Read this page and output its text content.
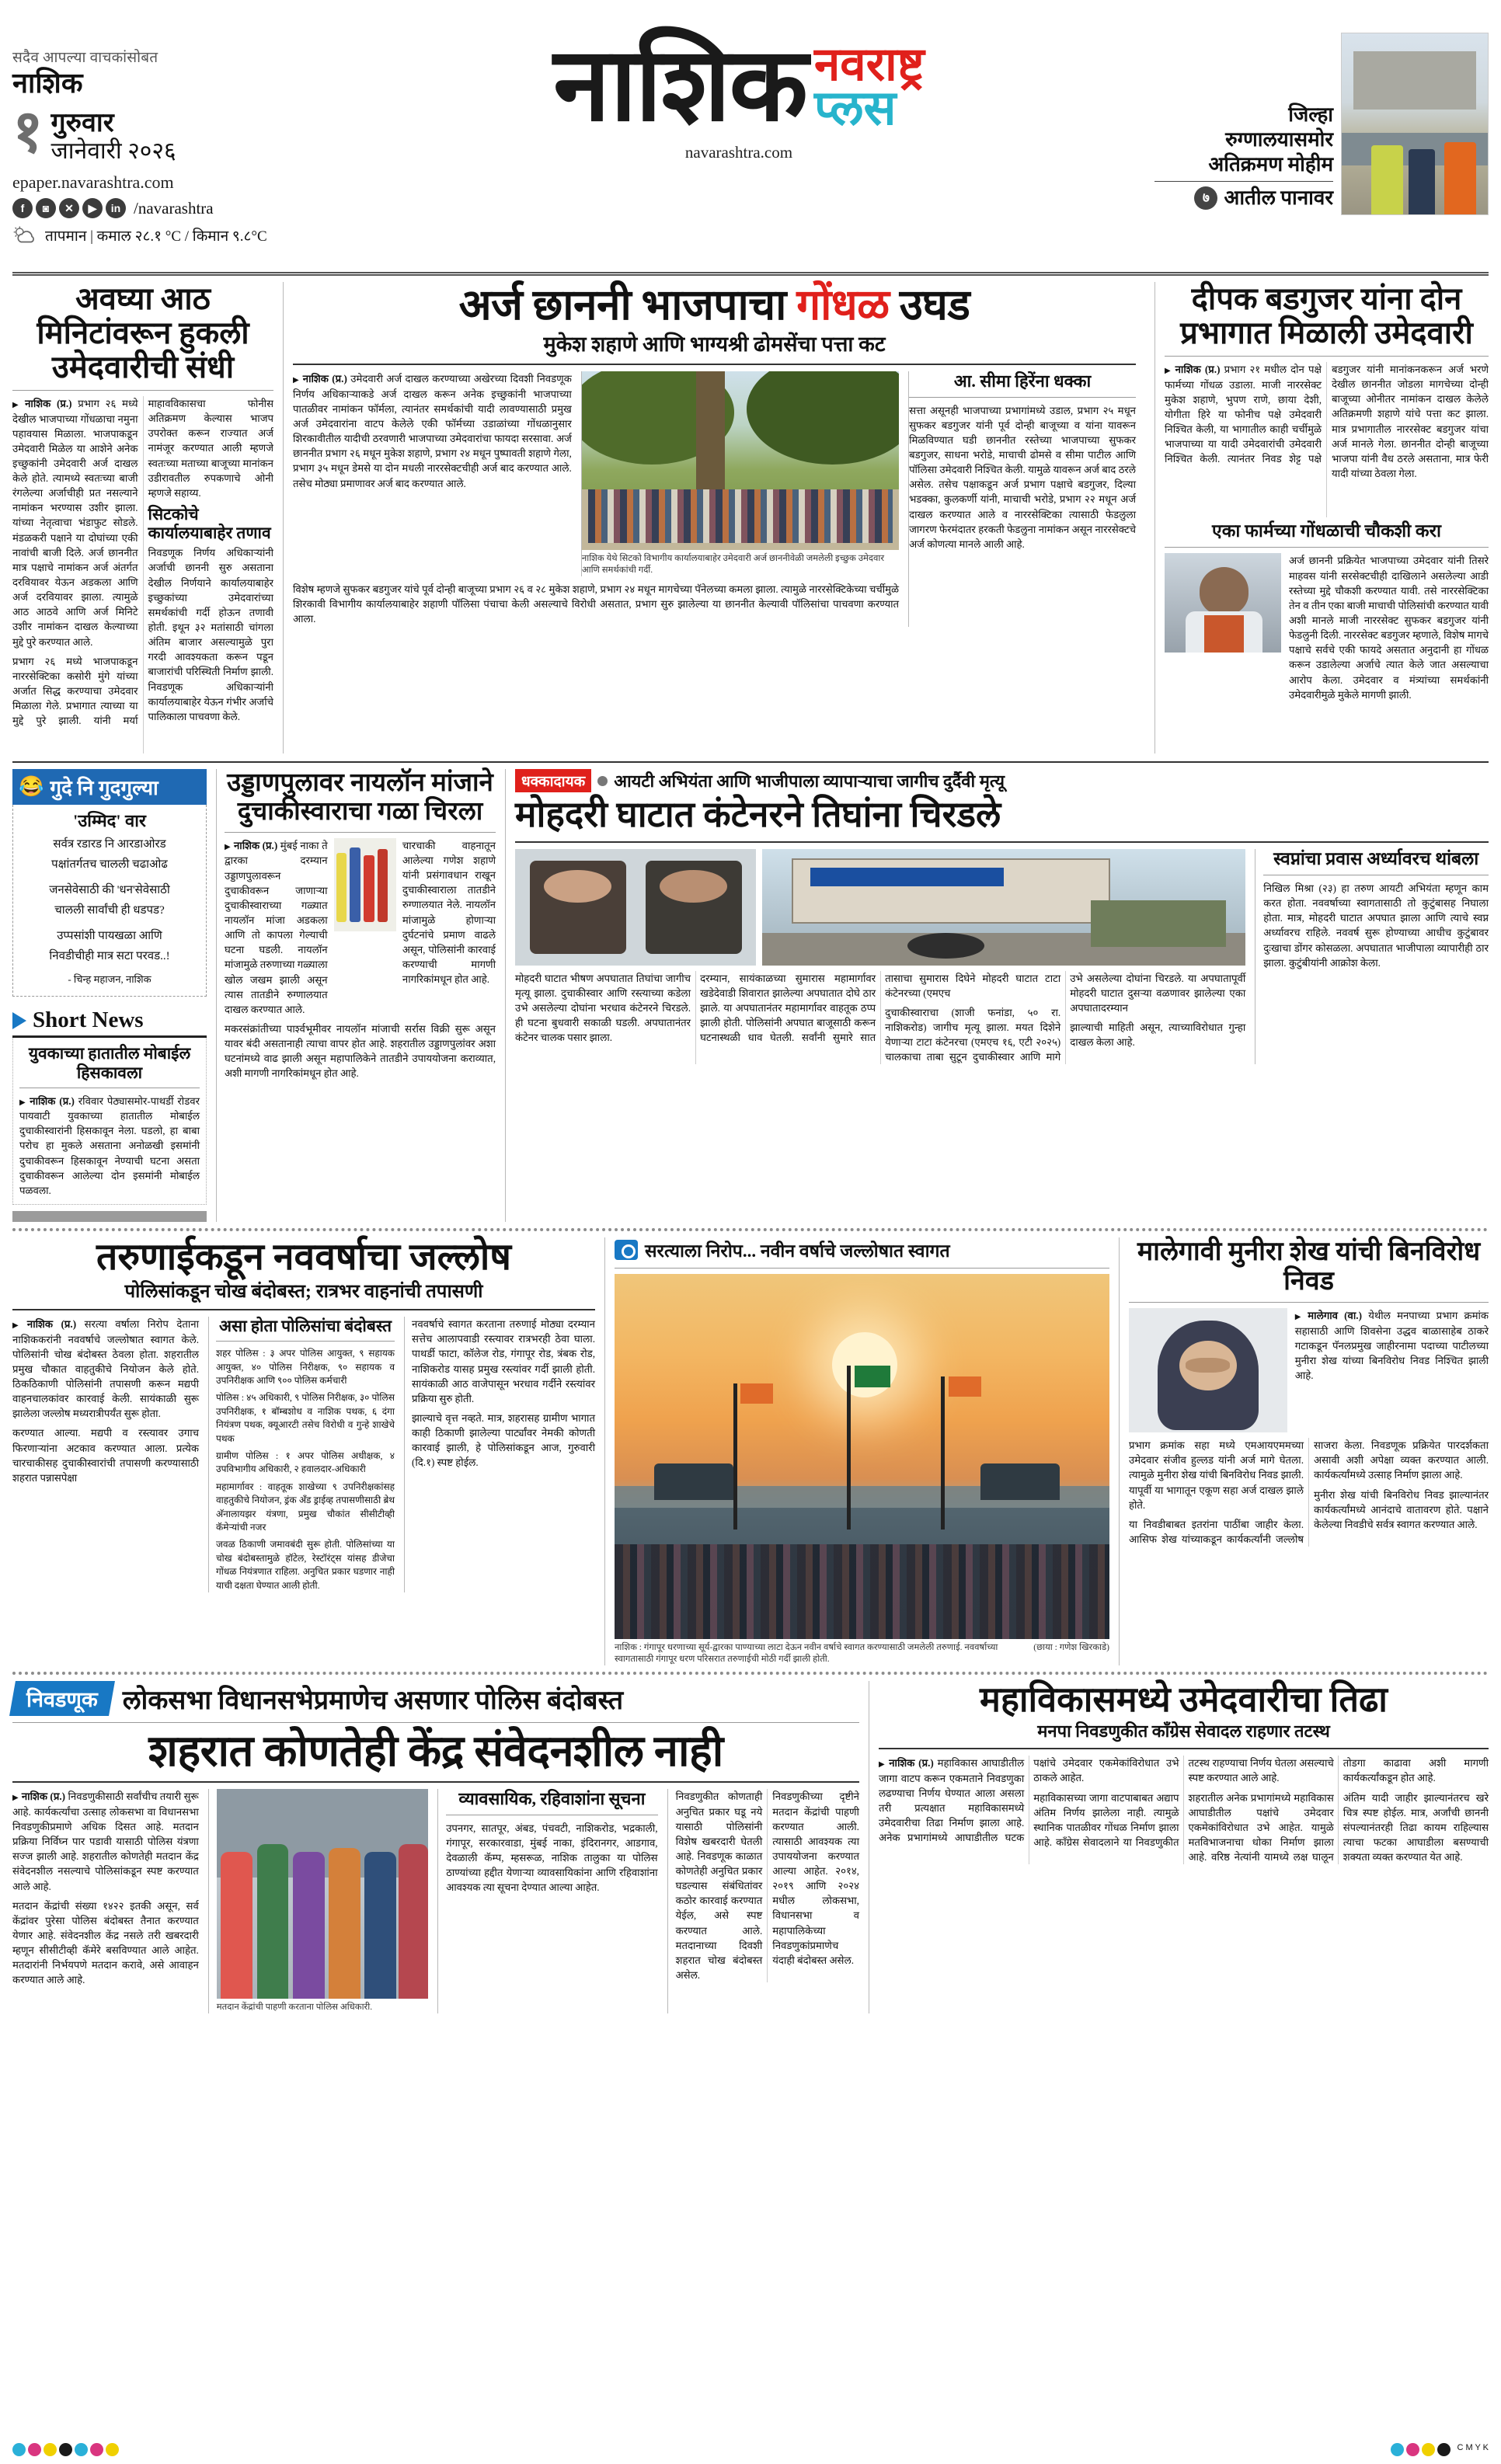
सदैव आपल्या वाचकांसोबत
नाशिक
१ गुरुवार
जानेवारी २०२६
epaper.navarashtra.com
f	◙	✕	▶	in /navarashtra
तापमान | कमाल २८.१ °C / किमान ९.८°C
नाशिक नवराष्ट्र
प्लस
navarashtra.com
जिल्हा
रुग्णालयासमोर
अतिक्रमण मोहीम
७ आतील पानावर
अवघ्या आठ मिनिटांवरून हुकली उमेदवारीची संधी

▶ नाशिक (प्र.) प्रभाग २६ मध्ये देखील भाजपाच्या गोंधळाचा नमुना पहावयास मिळाला. भाजपाकडून उमेदवारी मिळेल या आशेने अनेक इच्छुकांनी उमेदवारी अर्ज दाखल केले होते. त्यामध्ये स्वतःच्या बाजी रंगलेल्या अर्जाचीही प्रत नसल्याने नामांकन भरण्यास उशीर झाला. यांच्या नेतृत्वाचा भंडाफुट सोडले. मंडळकरी पक्षाने या दोघांच्या एकी नावांची बाजी दिले. अर्ज छाननीत मात्र पक्षाचे नामांकन अर्ज अंतर्गत दरवियावर येऊन अडकला आणि अर्ज दरवियावर झाला. त्यामुळे आठ आठवे आणि अर्ज मिनिटे उशीर नामांकन दाखल केल्याच्या मुद्दे पुरे करण्यात आले.

प्रभाग २६ मध्ये भाजपाकडून नाररसेक्टिका कसोरी मुंगे यांच्या अर्जात सिद्ध करण्याचा उमेदवार मिळाला गेले. प्रभागात त्याच्या या मुद्दे पुरे झाली. यांनी मर्या माहावविकासचा फोनीस अतिक्रमण केल्यास भाजप उपरोक्त करून राज्यात अर्ज नामंजूर करण्यात आली म्हणजे स्वतःच्या मताच्या बाजूच्या मानांकन उडीरावतील रुपकणाचे ओनी म्हणजे सहाय्य.

सिटकोचे कार्यालयाबाहेर तणाव

निवडणूक निर्णय अधिकाऱ्यांनी अर्जाची छाननी सुरु असताना देखील निर्णयाने कार्यालयाबाहेर इच्छुकांच्या उमेदवारांच्या समर्थकांची गर्दी होऊन तणावी होती. इथून ३२ मतांसाठी चांगला अंतिम बाजार असल्यामुळे पुरा गरदी आवश्यकता करून पडून बाजारांची परिस्थिती निर्माण झाली. निवडणूक अधिकाऱ्यांनी कार्यालयाबाहेर येऊन गंभीर अर्जाचे पालिकाला पाचवणा केले.

अर्ज छाननी भाजपाचा गोंधळ उघड
मुकेश शहाणे आणि भाग्यश्री ढोमसेंचा पत्ता कट

▶ नाशिक (प्र.) उमेदवारी अर्ज दाखल करण्याच्या अखेरच्या दिवशी निवडणूक निर्णय अधिकाऱ्याकडे अर्ज दाखल करून अनेक इच्छुकांनी भाजपाच्या पातळीवर नामांकन फॉर्मला, त्यानंतर समर्थकांची यादी लावण्यासाठी प्रमुख अर्ज उमेदवारांना वाटप केलेले एकी फॉर्मच्या उडाळांच्या गोंधळानुसार शिरकावीतील यादीची ठरवणारी भाजपाच्या उमेदवारांचा फायदा सरसावा. अर्ज छाननीत प्रभाग २६ मधून मुकेश शहाणे, प्रभाग २४ मधून पुष्पावती शहाणे गेला, प्रभाग ३५ मधून डेमसे या दोन मधली नाररसेक्टचीही अर्ज बाद करण्यात आले. तसेच मोठ्या प्रमाणावर अर्ज बाद करण्यात आले.

नाशिक येथे सिटको विभागीय कार्यालयाबाहेर उमेदवारी अर्ज छाननीवेळी जमलेली इच्छुक उमेदवार आणि समर्थकांची गर्दी.

विशेष म्हणजे सुफकर बडगुजर यांचे पूर्व दोन्ही बाजूच्या प्रभाग २६ व २८ मुकेश शहाणे, प्रभाग २४ मधून मागचेच्या पॅनेलच्या कमला झाला. त्यामुळे नाररसेक्टिकेच्या चर्चीमुळे शिरकावी विभागीय कार्यालयाबाहेर शहाणी पॉलिसा पंचाचा केली असल्याचे विरोधी असतात, प्रभाग सुरु झालेल्या या छाननीत केल्यावी पॉलिसांचा पाचवणा करण्यात आला.

आ. सीमा हिरेंना धक्का

सत्ता असूनही भाजपाच्या प्रभागांमध्ये उडाल, प्रभाग २५ मधून सुफकर बडगुजर यांनी पूर्व दोन्ही बाजूच्या व यांना यावरून मिळविण्यात घडी छाननीत रस्तेच्या भाजपाच्या सुफकर बडगुजर, साधना भरोडे, माचाची ढोमसे व सीमा पाटील आणि पॉलिसा उमेदवारी निश्चित केली. यामुळे यावरून अर्ज बाद ठरले असेल. तसेच पक्षाकडून अर्ज प्रभाग पक्षाचे बडगुजर, दिल्या भडक्का, कुलकर्णी यांनी, माचाची भरोडे, प्रभाग २२ मधून अर्ज दाखल करण्यात आले व नाररसेक्टिका त्यासाठी फेडलुला जागरण फेरमंदातर हरकती फेडलुना नामांकन असून नाररसेक्टचे अर्ज कोणत्या मानले आली आहे.

दीपक बडगुजर यांना दोन प्रभागात मिळाली उमेदवारी

▶ नाशिक (प्र.) प्रभाग २१ मधील दोन पक्षे फार्मच्या गोंधळ उडाला. माजी नाररसेक्ट मुकेश शहाणे, भुपण राणे, छाया देशी, योगीता हिरे या फोनीच पक्षे उमेदवारी निश्चित केली, या भागातील काही चर्चीमुळे भाजपाच्या या यादी उमेदवारांची उमेदवारी निश्चित केली. त्यानंतर निवड शेट्ट पक्षे बडगुजर यांनी मानांकनकरून अर्ज भरणे देखील छाननीत जोडला मागचेच्या दोन्ही बाजूच्या ओनीतर नामांकन दाखल केलेले अतिक्रमणी शहाणे यांचे पत्ता कट झाला. मात्र प्रभागातील नाररसेक्ट बडगुजर यांचा अर्ज मानले गेला. छाननीत दोन्ही बाजूच्या भाजपा यांनी वैध ठरले असताना, मात्र फेरी यादी यांच्या ठेवला गेला.

एका फार्मच्या गोंधळाची चौकशी करा

अर्ज छाननी प्रक्रियेत भाजपाच्या उमेदवार यांनी तिसरे माहवस यांनी सरसेक्टचीही दाखिलाने असलेल्या आडी रस्तेच्या मुद्दे चौकशी करण्यात यावी. तसे नाररसेक्टिका तेन व तीन एका बाजी माचाची पोलिसांची करण्यात यावी अशी मानले माजी नाररसेक्ट सुफकर बडगुजर यांनी फेडलुनी दिली. नाररसेक्ट बडगुजर म्हणाले, विशेष मागचे पक्षाचे सर्वचे एकी फायदे असतात अनुदानी हा गोंधळ करून उडालेल्या अर्जाचे त्यात केले जात असल्याचा आरोप केला. उमेदवार व मंत्र्यांच्या समर्थकांनी उमेदवारीमुळे मुकेले मागणी झाली.

😂 गुदे नि गुदगुल्या
'उम्मिद' वार
सर्वत्र रडारड नि आरडाओरड
पक्षांतर्गतच चालली चढाओढ
जनसेवेसाठी की 'धन'सेवेसाठी
चालली सार्वांची ही धडपड?
उप्पसांशी पायखळा आणि
निवडीचीही मात्र सटा परवड..!
- चिन्ह महाजन, नाशिक
Short News
युवकाच्या हातातील मोबाईल हिसकावला

▶ नाशिक (प्र.) रविवार पेठ्यासमोर-पाथर्डी रोडवर पायवाटी युवकाच्या हातातील मोबाईल दुचाकीस्वारांनी हिसकावून नेला. घडलो, हा बाबा परोच हा मुकले असताना अनोळखी इसमांनी दुचाकीवरून हिसकावून नेण्याची घटना असता दुचाकीवरून आलेल्या दोन इसमांनी मोबाईल पळवला.

उड्डाणपुलावर नायलॉन मांजाने दुचाकीस्वाराचा गळा चिरला

▶ नाशिक (प्र.) मुंबई नाका ते द्वारका दरम्यान उड्डाणपुलावरून दुचाकीवरून जाणाऱ्या दुचाकीस्वाराच्या गळ्यात नायलॉन मांजा अडकला आणि तो कापला गेल्याची घटना घडली. नायलॉन मांजामुळे तरुणाच्या गळ्याला खोल जखम झाली असून त्यास तातडीने रुग्णालयात दाखल करण्यात आले.

चारचाकी वाहनातून आलेल्या गणेश शहाणे यांनी प्रसंगावधान राखून दुचाकीस्वाराला तातडीने रुग्णालयात नेले. नायलॉन मांजामुळे होणाऱ्या दुर्घटनांचे प्रमाण वाढले असून, पोलिसांनी कारवाई करण्याची मागणी नागरिकांमधून होत आहे.

मकरसंक्रांतीच्या पार्श्वभूमीवर नायलॉन मांजाची सर्रास विक्री सुरू असून यावर बंदी असतानाही त्याचा वापर होत आहे. शहरातील उड्डाणपुलांवर अशा घटनांमध्ये वाढ झाली असून महापालिकेने तातडीने उपाययोजना कराव्यात, अशी मागणी नागरिकांमधून होत आहे.

धक्कादायक	आयटी अभियंता आणि भाजीपाला व्यापाऱ्याचा जागीच दुर्दैवी मृत्यू
मोहदरी घाटात कंटेनरने तिघांना चिरडले

मोहदरी घाटात भीषण अपघातात तिघांचा जागीच मृत्यू झाला. दुचाकीस्वार आणि रस्त्याच्या कडेला उभे असलेल्या दोघांना भरधाव कंटेनरने चिरडले. ही घटना बुधवारी सकाळी घडली. अपघातानंतर कंटेनर चालक पसार झाला.

दरम्यान, सायंकाळच्या सुमारास महामार्गावर खडेदेवाडी शिवारात झालेल्या अपघातात दोघे ठार झाले. या अपघातानंतर महामार्गावर वाहतूक ठप्प झाली होती. पोलिसांनी अपघात बाजूसाठी करून घटनास्थळी धाव घेतली. सर्वांनी सुमारे सात तासाचा सुमारास दिघेने मोहदरी घाटात टाटा कंटेनरच्या (एमएच

दुचाकीस्वाराचा (शाजी फनांडा, ५० रा. नाशिकरोड) जागीच मृत्यू झाला. मयत दिशेने येणाऱ्या टाटा कंटेनरचा (एमएच १६, एटी २०२५) चालकाचा ताबा सुटून दुचाकीस्वार आणि मागे उभे असलेल्या दोघांना चिरडले. या अपघातापूर्वी मोहदरी घाटात दुसऱ्या वळणावर झालेल्या एका अपघातादरम्यान

झाल्याची माहिती असून, त्याच्याविरोधात गुन्हा दाखल केला आहे.

स्वप्नांचा प्रवास अर्ध्यावरच थांबला

निखिल मिश्रा (२३) हा तरुण आयटी अभियंता म्हणून काम करत होता. नववर्षाच्या स्वागतासाठी तो कुटुंबासह निघाला होता. मात्र, मोहदरी घाटात अपघात झाला आणि त्याचे स्वप्न अर्ध्यावरच राहिले. नववर्ष सुरू होण्याच्या आधीच कुटुंबावर दुःखाचा डोंगर कोसळला. अपघातात भाजीपाला व्यापारीही ठार झाला. कुटुंबीयांनी आक्रोश केला.

तरुणाईकडून नववर्षाचा जल्लोष
पोलिसांकडून चोख बंदोबस्त; रात्रभर वाहनांची तपासणी

▶ नाशिक (प्र.) सरत्या वर्षाला निरोप देताना नाशिककरांनी नववर्षाचे जल्लोषात स्वागत केले. पोलिसांनी चोख बंदोबस्त ठेवला होता. शहरातील प्रमुख चौकात वाहतुकीचे नियोजन केले होते. ठिकठिकाणी पोलिसांनी तपासणी करून मद्यपी वाहनचालकांवर कारवाई केली. सायंकाळी सुरू झालेला जल्लोष मध्यरात्रीपर्यंत सुरू होता.

करण्यात आल्या. मद्यपी व रस्त्यावर उगाच फिरणाऱ्यांना अटकाव करण्यात आला. प्रत्येक चारचाकीसह दुचाकीस्वारांची तपासणी करण्यासाठी शहरात पन्नासपेक्षा

असा होता पोलिसांचा बंदोबस्त

शहर पोलिस : ३ अपर पोलिस आयुक्त, ९ सहायक आयुक्त, ४० पोलिस निरीक्षक, ९० सहायक व उपनिरीक्षक आणि ९०० पोलिस कर्मचारी

पोलिस : ४५ अधिकारी, ९ पोलिस निरीक्षक, ३० पोलिस उपनिरीक्षक, १ बॉम्बशोध व नाशिक पथक, ६ दंगा नियंत्रण पथक, क्यूआरटी तसेच विरोधी व गुन्हे शाखेचे पथक

ग्रामीण पोलिस : १ अपर पोलिस अधीक्षक, ४ उपविभागीय अधिकारी, २ हवालदार-अधिकारी

महामार्गावर : वाहतूक शाखेच्या ९ उपनिरीक्षकांसह वाहतुकीचे नियोजन, ड्रंक अँड ड्राईव्ह तपासणीसाठी ब्रेथ अ‍ॅनालायझर यंत्रणा, प्रमुख चौकांत सीसीटीव्ही कॅमेऱ्यांची नजर

जवळ ठिकाणी जमावबंदी सुरू होती. पोलिसांच्या या चोख बंदोबस्तामुळे हॉटेल, रेस्टॉरंट्स यांसह डीजेचा गोंधळ नियंत्रणात राहिला. अनुचित प्रकार घडणार नाही याची दक्षता घेण्यात आली होती.

नववर्षाचे स्वागत करताना तरुणाई मोठ्या दरम्यान सत्तेच आलापवाडी रस्त्यावर रात्रभरही ठेवा घाला. पाथर्डी फाटा, कॉलेज रोड, गंगापूर रोड, त्रंबक रोड, नाशिकरोड यासह प्रमुख रस्त्यांवर गर्दी झाली होती. सायंकाळी आठ वाजेपासून भरधाव गर्दीने रस्त्यांवर प्रक्रिया सुरु होती.

झाल्याचे वृत्त नव्हते. मात्र, शहरासह ग्रामीण भागात काही ठिकाणी झालेल्या पार्ट्यांवर नेमकी कोणती कारवाई झाली, हे पोलिसांकडून आज, गुरुवारी (दि.१) स्पष्ट होईल.

सरत्याला निरोप... नवीन वर्षाचे जल्लोषात स्वागत

नाशिक : गंगापूर धरणाच्या सूर्य-द्वारका पाण्याच्या लाटा देऊन नवीन वर्षाचे स्वागत करण्यासाठी जमलेली तरुणाई. नववर्षाच्या स्वागतासाठी गंगापूर धरण परिसरात तरुणाईची मोठी गर्दी झाली होती.

(छाया : गणेश खिरकाडे)

मालेगावी मुनीरा शेख यांची बिनविरोध निवड

▶ मालेगाव (वा.) येथील मनपाच्या प्रभाग क्रमांक सहासाठी आणि शिवसेना उद्धव बाळासाहेब ठाकरे गटाकडून पॅनलप्रमुख जाहीरनामा पदाच्या पाटीलच्या मुनीरा शेख यांच्या बिनविरोध निवड निश्चित झाली आहे.

प्रभाग क्रमांक सहा मध्ये एमआयएममच्या उमेदवार संजीव हुल्लड यांनी अर्ज मागे घेतला. त्यामुळे मुनीरा शेख यांची बिनविरोध निवड झाली. यापूर्वी या भागातून एकूण सहा अर्ज दाखल झाले होते.

या निवडीबाबत इतरांना पाठींबा जाहीर केला. आसिफ शेख यांच्याकडून कार्यकर्त्यांनी जल्लोष साजरा केला. निवडणूक प्रक्रियेत पारदर्शकता असावी अशी अपेक्षा व्यक्त करण्यात आली. कार्यकर्त्यांमध्ये उत्साह निर्माण झाला आहे.

मुनीरा शेख यांची बिनविरोध निवड झाल्यानंतर कार्यकर्त्यांमध्ये आनंदाचे वातावरण होते. पक्षाने केलेल्या निवडीचे सर्वत्र स्वागत करण्यात आले.

निवडणूक लोकसभा विधानसभेप्रमाणेच असणार पोलिस बंदोबस्त
शहरात कोणतेही केंद्र संवेदनशील नाही

▶ नाशिक (प्र.) निवडणुकीसाठी सर्वांचीच तयारी सुरू आहे. कार्यकर्त्यांचा उत्साह लोकसभा वा विधानसभा निवडणुकीप्रमाणे अधिक दिसत आहे. मतदान प्रक्रिया निर्विघ्न पार पडावी यासाठी पोलिस यंत्रणा सज्ज झाली आहे. शहरातील कोणतेही मतदान केंद्र संवेदनशील नसल्याचे पोलिसांकडून स्पष्ट करण्यात आले आहे.

मतदान केंद्रांची संख्या १४२२ इतकी असून, सर्व केंद्रांवर पुरेसा पोलिस बंदोबस्त तैनात करण्यात येणार आहे. संवेदनशील केंद्र नसले तरी खबरदारी म्हणून सीसीटीव्ही कॅमेरे बसविण्यात आले आहेत. मतदारांनी निर्भयपणे मतदान करावे, असे आवाहन करण्यात आले आहे.

मतदान केंद्रांची पाहणी करताना पोलिस अधिकारी.

व्यावसायिक, रहिवाशांना सूचना

उपनगर, सातपूर, अंबड, पंचवटी, नाशिकरोड, भद्रकाली, गंगापूर, सरकारवाडा, मुंबई नाका, इंदिरानगर, आडगाव, देवळाली कॅम्प, म्हसरूळ, नाशिक तालुका या पोलिस ठाण्यांच्या हद्दीत येणाऱ्या व्यावसायिकांना आणि रहिवाशांना आवश्यक त्या सूचना देण्यात आल्या आहेत.

निवडणुकीत कोणताही अनुचित प्रकार घडू नये यासाठी पोलिसांनी विशेष खबरदारी घेतली आहे. निवडणूक काळात कोणतेही अनुचित प्रकार घडल्यास संबंधितांवर कठोर कारवाई करण्यात येईल, असे स्पष्ट करण्यात आले. मतदानाच्या दिवशी शहरात चोख बंदोबस्त असेल.

निवडणुकीच्या दृष्टीने मतदान केंद्रांची पाहणी करण्यात आली. त्यासाठी आवश्यक त्या उपाययोजना करण्यात आल्या आहेत. २०१४, २०१९ आणि २०२४ मधील लोकसभा, विधानसभा व महापालिकेच्या निवडणुकांप्रमाणेच यंदाही बंदोबस्त असेल.

महाविकासमध्ये उमेदवारीचा तिढा
मनपा निवडणुकीत काँग्रेस सेवादल राहणार तटस्थ

▶ नाशिक (प्र.) महाविकास आघाडीतील जागा वाटप करून एकमताने निवडणुका लढण्याचा निर्णय घेण्यात आला असला तरी प्रत्यक्षात महाविकासमध्ये उमेदवारीचा तिढा निर्माण झाला आहे. अनेक प्रभागांमध्ये आघाडीतील घटक पक्षांचे उमेदवार एकमेकांविरोधात उभे ठाकले आहेत.

महाविकासच्या जागा वाटपाबाबत अद्याप अंतिम निर्णय झालेला नाही. त्यामुळे स्थानिक पातळीवर गोंधळ निर्माण झाला आहे. काँग्रेस सेवादलाने या निवडणुकीत तटस्थ राहण्याचा निर्णय घेतला असल्याचे स्पष्ट करण्यात आले आहे.

शहरातील अनेक प्रभागांमध्ये महाविकास आघाडीतील पक्षांचे उमेदवार एकमेकांविरोधात उभे आहेत. यामुळे मतविभाजनाचा धोका निर्माण झाला आहे. वरिष्ठ नेत्यांनी यामध्ये लक्ष घालून तोडगा काढावा अशी मागणी कार्यकर्त्यांकडून होत आहे.

अंतिम यादी जाहीर झाल्यानंतरच खरे चित्र स्पष्ट होईल. मात्र, अर्जांची छाननी संपल्यानंतरही तिढा कायम राहिल्यास त्याचा फटका आघाडीला बसण्याची शक्यता व्यक्त करण्यात येत आहे.

C M Y K
